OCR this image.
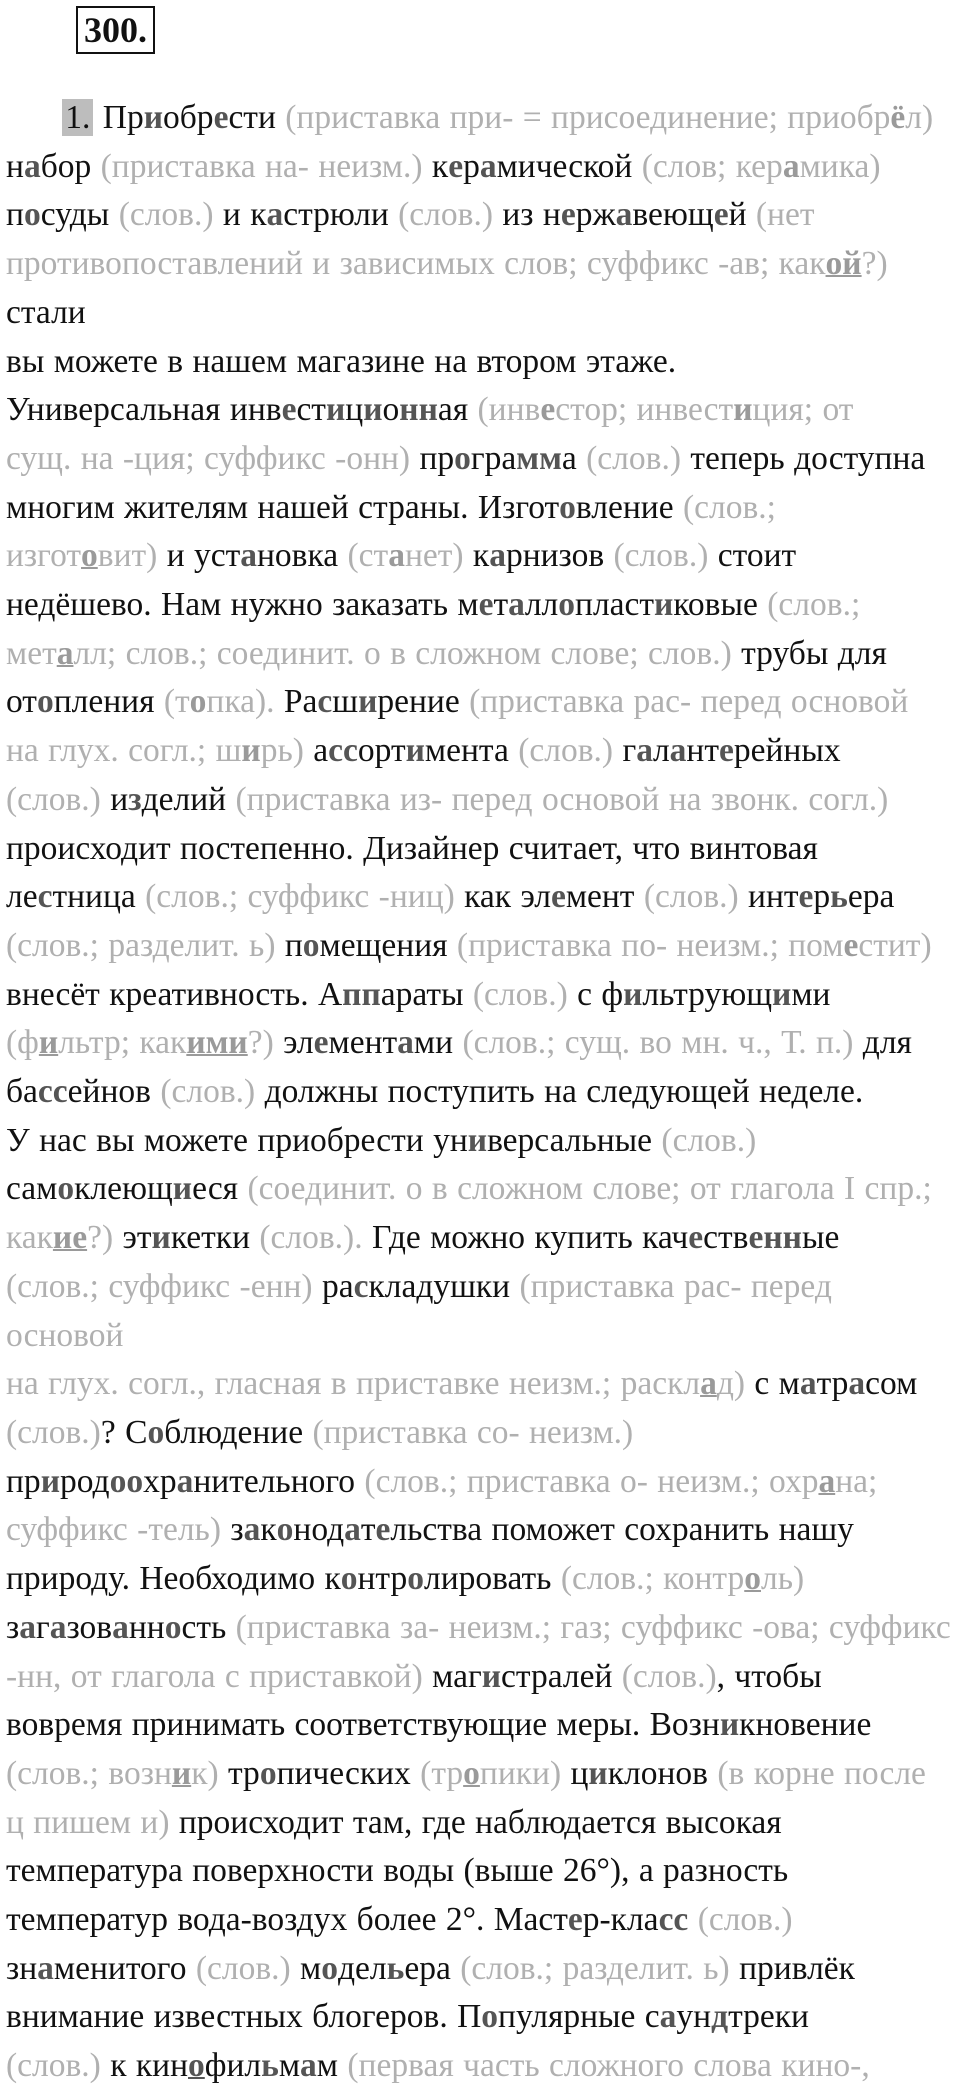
300.
1. Приобрести (приставка при- = присоединение; приобрёл)
набор (приставка на- неизм.) керамической (слов; керамика)
посуды (слов.) и кастрюли (слов.) из нержавеющей (нет
противопоставлений и зависимых слов; суффикс -ав; какой?) стали
вы можете в нашем магазине на втором этаже.
Универсальная инвестиционная (инвестор; инвестиция; от
сущ. на -ция; суффикс -онн) программа (слов.) теперь доступна
многим жителям нашей страны. Изготовление (слов.;
изготовит) и установка (станет) карнизов (слов.) стоит
недёшево. Нам нужно заказать металлопластиковые (слов.;
металл; слов.; соединит. о в сложном слове; слов.) трубы для
отопления (топка). Расширение (приставка рас- перед основой
на глух. согл.; ширь) ассортимента (слов.) галантерейных
(слов.) изделий (приставка из- перед основой на звонк. согл.)
происходит постепенно. Дизайнер считает, что винтовая
лестница (слов.; суффикс -ниц) как элемент (слов.) интерьера
(слов.; разделит. ь) помещения (приставка по- неизм.; поместит)
внесёт креативность. Аппараты (слов.) с фильтрующими
(фильтр; какими?) элементами (слов.; сущ. во мн. ч., Т. п.) для
бассейнов (слов.) должны поступить на следующей неделе.
У нас вы можете приобрести универсальные (слов.)
самоклеющиеся (соединит. о в сложном слове; от глагола I спр.;
какие?) этикетки (слов.). Где можно купить качественные
(слов.; суффикс -енн) раскладушки (приставка рас- перед основой
на глух. согл., гласная в приставке неизм.; расклад) с матрасом
(слов.)? Соблюдение (приставка со- неизм.)
природоохранительного (слов.; приставка о- неизм.; охрана;
суффикс -тель) законодательства поможет сохранить нашу
природу. Необходимо контролировать (слов.; контроль)
загазованность (приставка за- неизм.; газ; суффикс -ова; суффикс
-нн, от глагола с приставкой) магистралей (слов.), чтобы
вовремя принимать соответствующие меры. Возникновение
(слов.; возник) тропических (тропики) циклонов (в корне после
ц пишем и) происходит там, где наблюдается высокая
температура поверхности воды (выше 26°), а разность
температур вода-воздух более 2°. Мастер-класс (слов.)
знаменитого (слов.) модельера (слов.; разделит. ь) привлёк
внимание известных блогеров. Популярные саундтреки
(слов.) к кинофильмам (первая часть сложного слова кино-,
